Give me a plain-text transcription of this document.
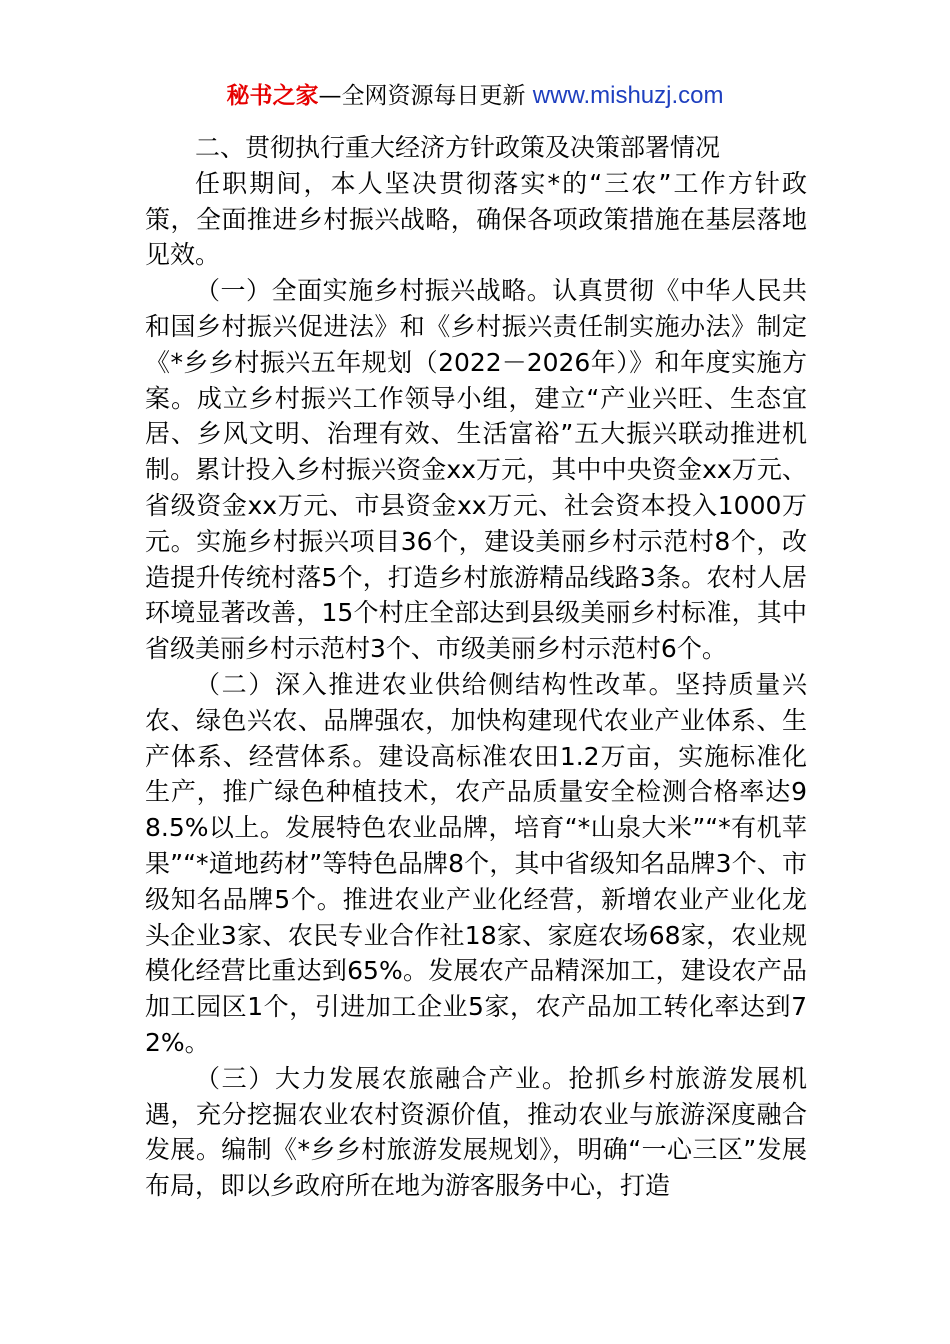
秘书之家—全网资源每日更新 www.mishuzj.com

二、贯彻执行重大经济方针政策及决策部署情况

任职期间，本人坚决贯彻落实*的“三农”工作方针政策，全面推进乡村振兴战略，确保各项政策措施在基层落地见效。

（一）全面实施乡村振兴战略。认真贯彻《中华人民共和国乡村振兴促进法》和《乡村振兴责任制实施办法》制定《*乡乡村振兴五年规划（2022－2026年）》和年度实施方案。成立乡村振兴工作领导小组，建立“产业兴旺、生态宜居、乡风文明、治理有效、生活富裕”五大振兴联动推进机制。累计投入乡村振兴资金xx万元，其中中央资金xx万元、省级资金xx万元、市县资金xx万元、社会资本投入1000万元。实施乡村振兴项目36个，建设美丽乡村示范村8个，改造提升传统村落5个，打造乡村旅游精品线路3条。农村人居环境显著改善，15个村庄全部达到县级美丽乡村标准，其中省级美丽乡村示范村3个、市级美丽乡村示范村6个。

（二）深入推进农业供给侧结构性改革。坚持质量兴农、绿色兴农、品牌强农，加快构建现代农业产业体系、生产体系、经营体系。建设高标准农田1.2万亩，实施标准化生产，推广绿色种植技术，农产品质量安全检测合格率达98.5%以上。发展特色农业品牌，培育“*山泉大米”“*有机苹果”“*道地药材”等特色品牌8个，其中省级知名品牌3个、市级知名品牌5个。推进农业产业化经营，新增农业产业化龙头企业3家、农民专业合作社18家、家庭农场68家，农业规模化经营比重达到65%。发展农产品精深加工，建设农产品加工园区1个，引进加工企业5家，农产品加工转化率达到72%。

（三）大力发展农旅融合产业。抢抓乡村旅游发展机遇，充分挖掘农业农村资源价值，推动农业与旅游深度融合发展。编制《*乡乡村旅游发展规划》，明确“一心三区”发展布局，即以乡政府所在地为游客服务中心，打造
